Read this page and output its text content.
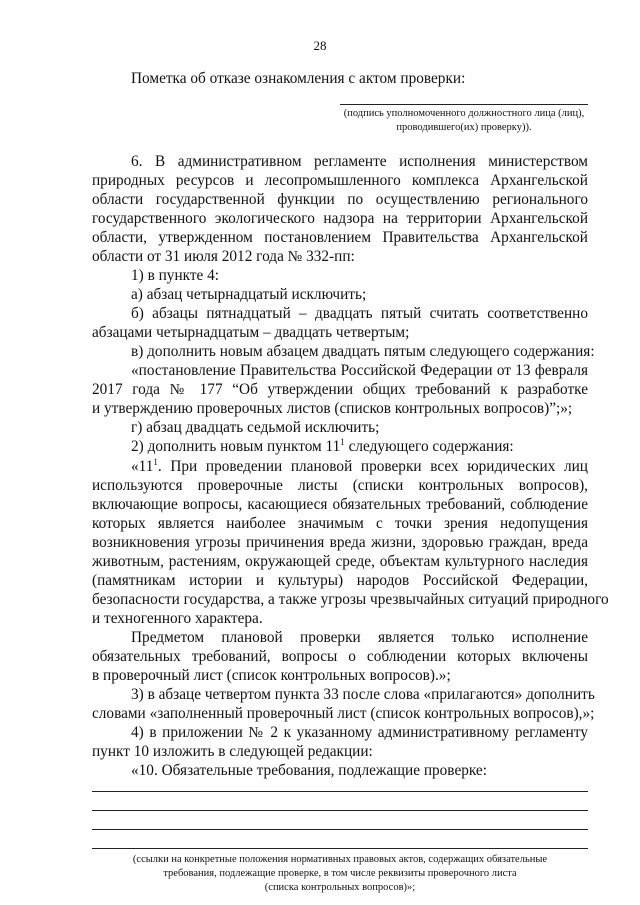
28
Пометка об отказе ознакомления с актом проверки:
(подпись уполномоченного должностного лица (лиц),
проводившего(их) проверку)).
6. В административном регламенте исполнения министерством
природных ресурсов и лесопромышленного комплекса Архангельской
области государственной функции по осуществлению регионального
государственного экологического надзора на территории Архангельской
области, утвержденном постановлением Правительства Архангельской
области от 31 июля 2012 года № 332-пп:
1) в пункте 4:
а) абзац четырнадцатый исключить;
б) абзацы пятнадцатый – двадцать пятый считать соответственно
абзацами четырнадцатым – двадцать четвертым;
в) дополнить новым абзацем двадцать пятым следующего содержания:
«постановление Правительства Российской Федерации от 13 февраля
2017 года № 177 “Об утверждении общих требований к разработке
и утверждению проверочных листов (списков контрольных вопросов)”;»;
г) абзац двадцать седьмой исключить;
2) дополнить новым пунктом $11^1$ следующего содержания:
«$11^1$. При проведении плановой проверки всех юридических лиц
используются проверочные листы (списки контрольных вопросов),
включающие вопросы, касающиеся обязательных требований, соблюдение
которых является наиболее значимым с точки зрения недопущения
возникновения угрозы причинения вреда жизни, здоровью граждан, вреда
животным, растениям, окружающей среде, объектам культурного наследия
(памятникам истории и культуры) народов Российской Федерации,
безопасности государства, а также угрозы чрезвычайных ситуаций природного
и техногенного характера.
Предметом плановой проверки является только исполнение
обязательных требований, вопросы о соблюдении которых включены
в проверочный лист (список контрольных вопросов).»;
3) в абзаце четвертом пункта 33 после слова «прилагаются» дополнить
словами «заполненный проверочный лист (список контрольных вопросов),»;
4) в приложении № 2 к указанному административному регламенту
пункт 10 изложить в следующей редакции:
«10. Обязательные требования, подлежащие проверке:
(ссылки на конкретные положения нормативных правовых актов, содержащих обязательные
требования, подлежащие проверке, в том числе реквизиты проверочного листа
(списка контрольных вопросов)»;
